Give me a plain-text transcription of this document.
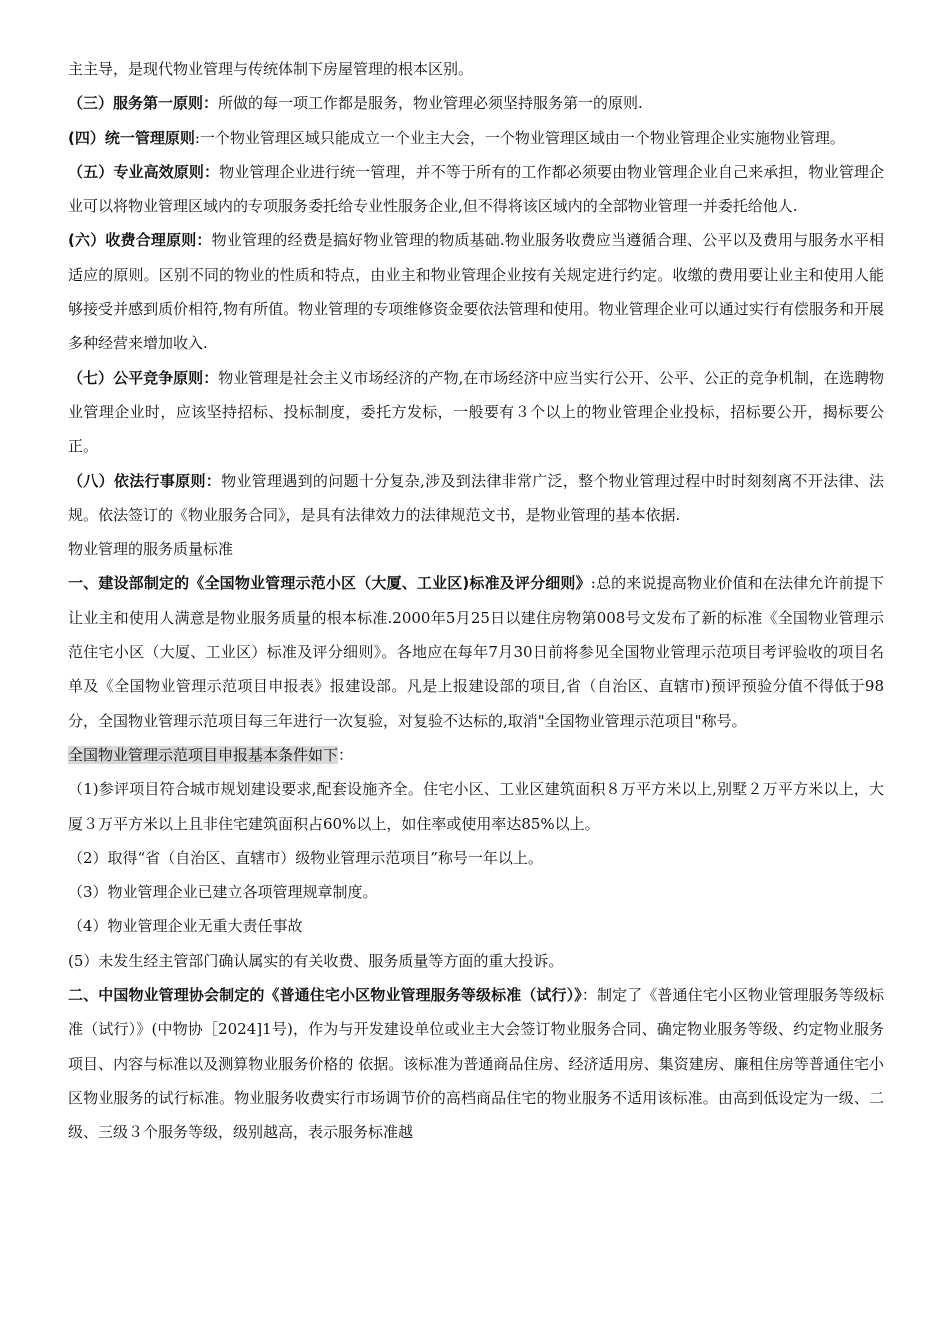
主主导，是现代物业管理与传统体制下房屋管理的根本区别。

（三）服务第一原则：所做的每一项工作都是服务，物业管理必须坚持服务第一的原则.

(四）统一管理原则:一个物业管理区域只能成立一个业主大会，一个物业管理区域由一个物业管理企业实施物业管理。

（五）专业高效原则：物业管理企业进行统一管理，并不等于所有的工作都必须要由物业管理企业自己来承担，物业管理企业可以将物业管理区域内的专项服务委托给专业性服务企业,但不得将该区域内的全部物业管理一并委托给他人.

(六）收费合理原则：物业管理的经费是搞好物业管理的物质基础.物业服务收费应当遵循合理、公平以及费用与服务水平相适应的原则。区别不同的物业的性质和特点，由业主和物业管理企业按有关规定进行约定。收缴的费用要让业主和使用人能够接受并感到质价相符,物有所值。物业管理的专项维修资金要依法管理和使用。物业管理企业可以通过实行有偿服务和开展多种经营来增加收入.

（七）公平竞争原则：物业管理是社会主义市场经济的产物,在市场经济中应当实行公开、公平、公正的竞争机制，在选聘物业管理企业时，应该坚持招标、投标制度，委托方发标，一般要有３个以上的物业管理企业投标，招标要公开，揭标要公正。

（八）依法行事原则：物业管理遇到的问题十分复杂,涉及到法律非常广泛，整个物业管理过程中时时刻刻离不开法律、法规。依法签订的《物业服务合同》，是具有法律效力的法律规范文书，是物业管理的基本依据.

物业管理的服务质量标准

一、建设部制定的《全国物业管理示范小区（大厦、工业区)标准及评分细则》:总的来说提高物业价值和在法律允许前提下让业主和使用人满意是物业服务质量的根本标准.2000年5月25日以建住房物第008号文发布了新的标准《全国物业管理示范住宅小区（大厦、工业区）标准及评分细则》。各地应在每年7月30日前将参见全国物业管理示范项目考评验收的项目名单及《全国物业管理示范项目申报表》报建设部。凡是上报建设部的项目,省（自治区、直辖市)预评预验分值不得低于98分，全国物业管理示范项目每三年进行一次复验，对复验不达标的,取消"全国物业管理示范项目"称号。

全国物业管理示范项目申报基本条件如下：

（1)参评项目符合城市规划建设要求,配套设施齐全。住宅小区、工业区建筑面积８万平方米以上,别墅２万平方米以上，大厦３万平方米以上且非住宅建筑面积占60%以上，如住率或使用率达85%以上。

（2）取得“省（自治区、直辖市）级物业管理示范项目”称号一年以上。

（3）物业管理企业已建立各项管理规章制度。

（4）物业管理企业无重大责任事故

(5）未发生经主管部门确认属实的有关收费、服务质量等方面的重大投诉。

二、中国物业管理协会制定的《普通住宅小区物业管理服务等级标准（试行）》：制定了《普通住宅小区物业管理服务等级标准（试行）》(中物协［2024]1号)，作为与开发建设单位或业主大会签订物业服务合同、确定物业服务等级、约定物业服务项目、内容与标准以及测算物业服务价格的 依据。该标准为普通商品住房、经济适用房、集资建房、廉租住房等普通住宅小区物业服务的试行标准。物业服务收费实行市场调节价的高档商品住宅的物业服务不适用该标准。由高到低设定为一级、二级、三级３个服务等级，级别越高，表示服务标准越
